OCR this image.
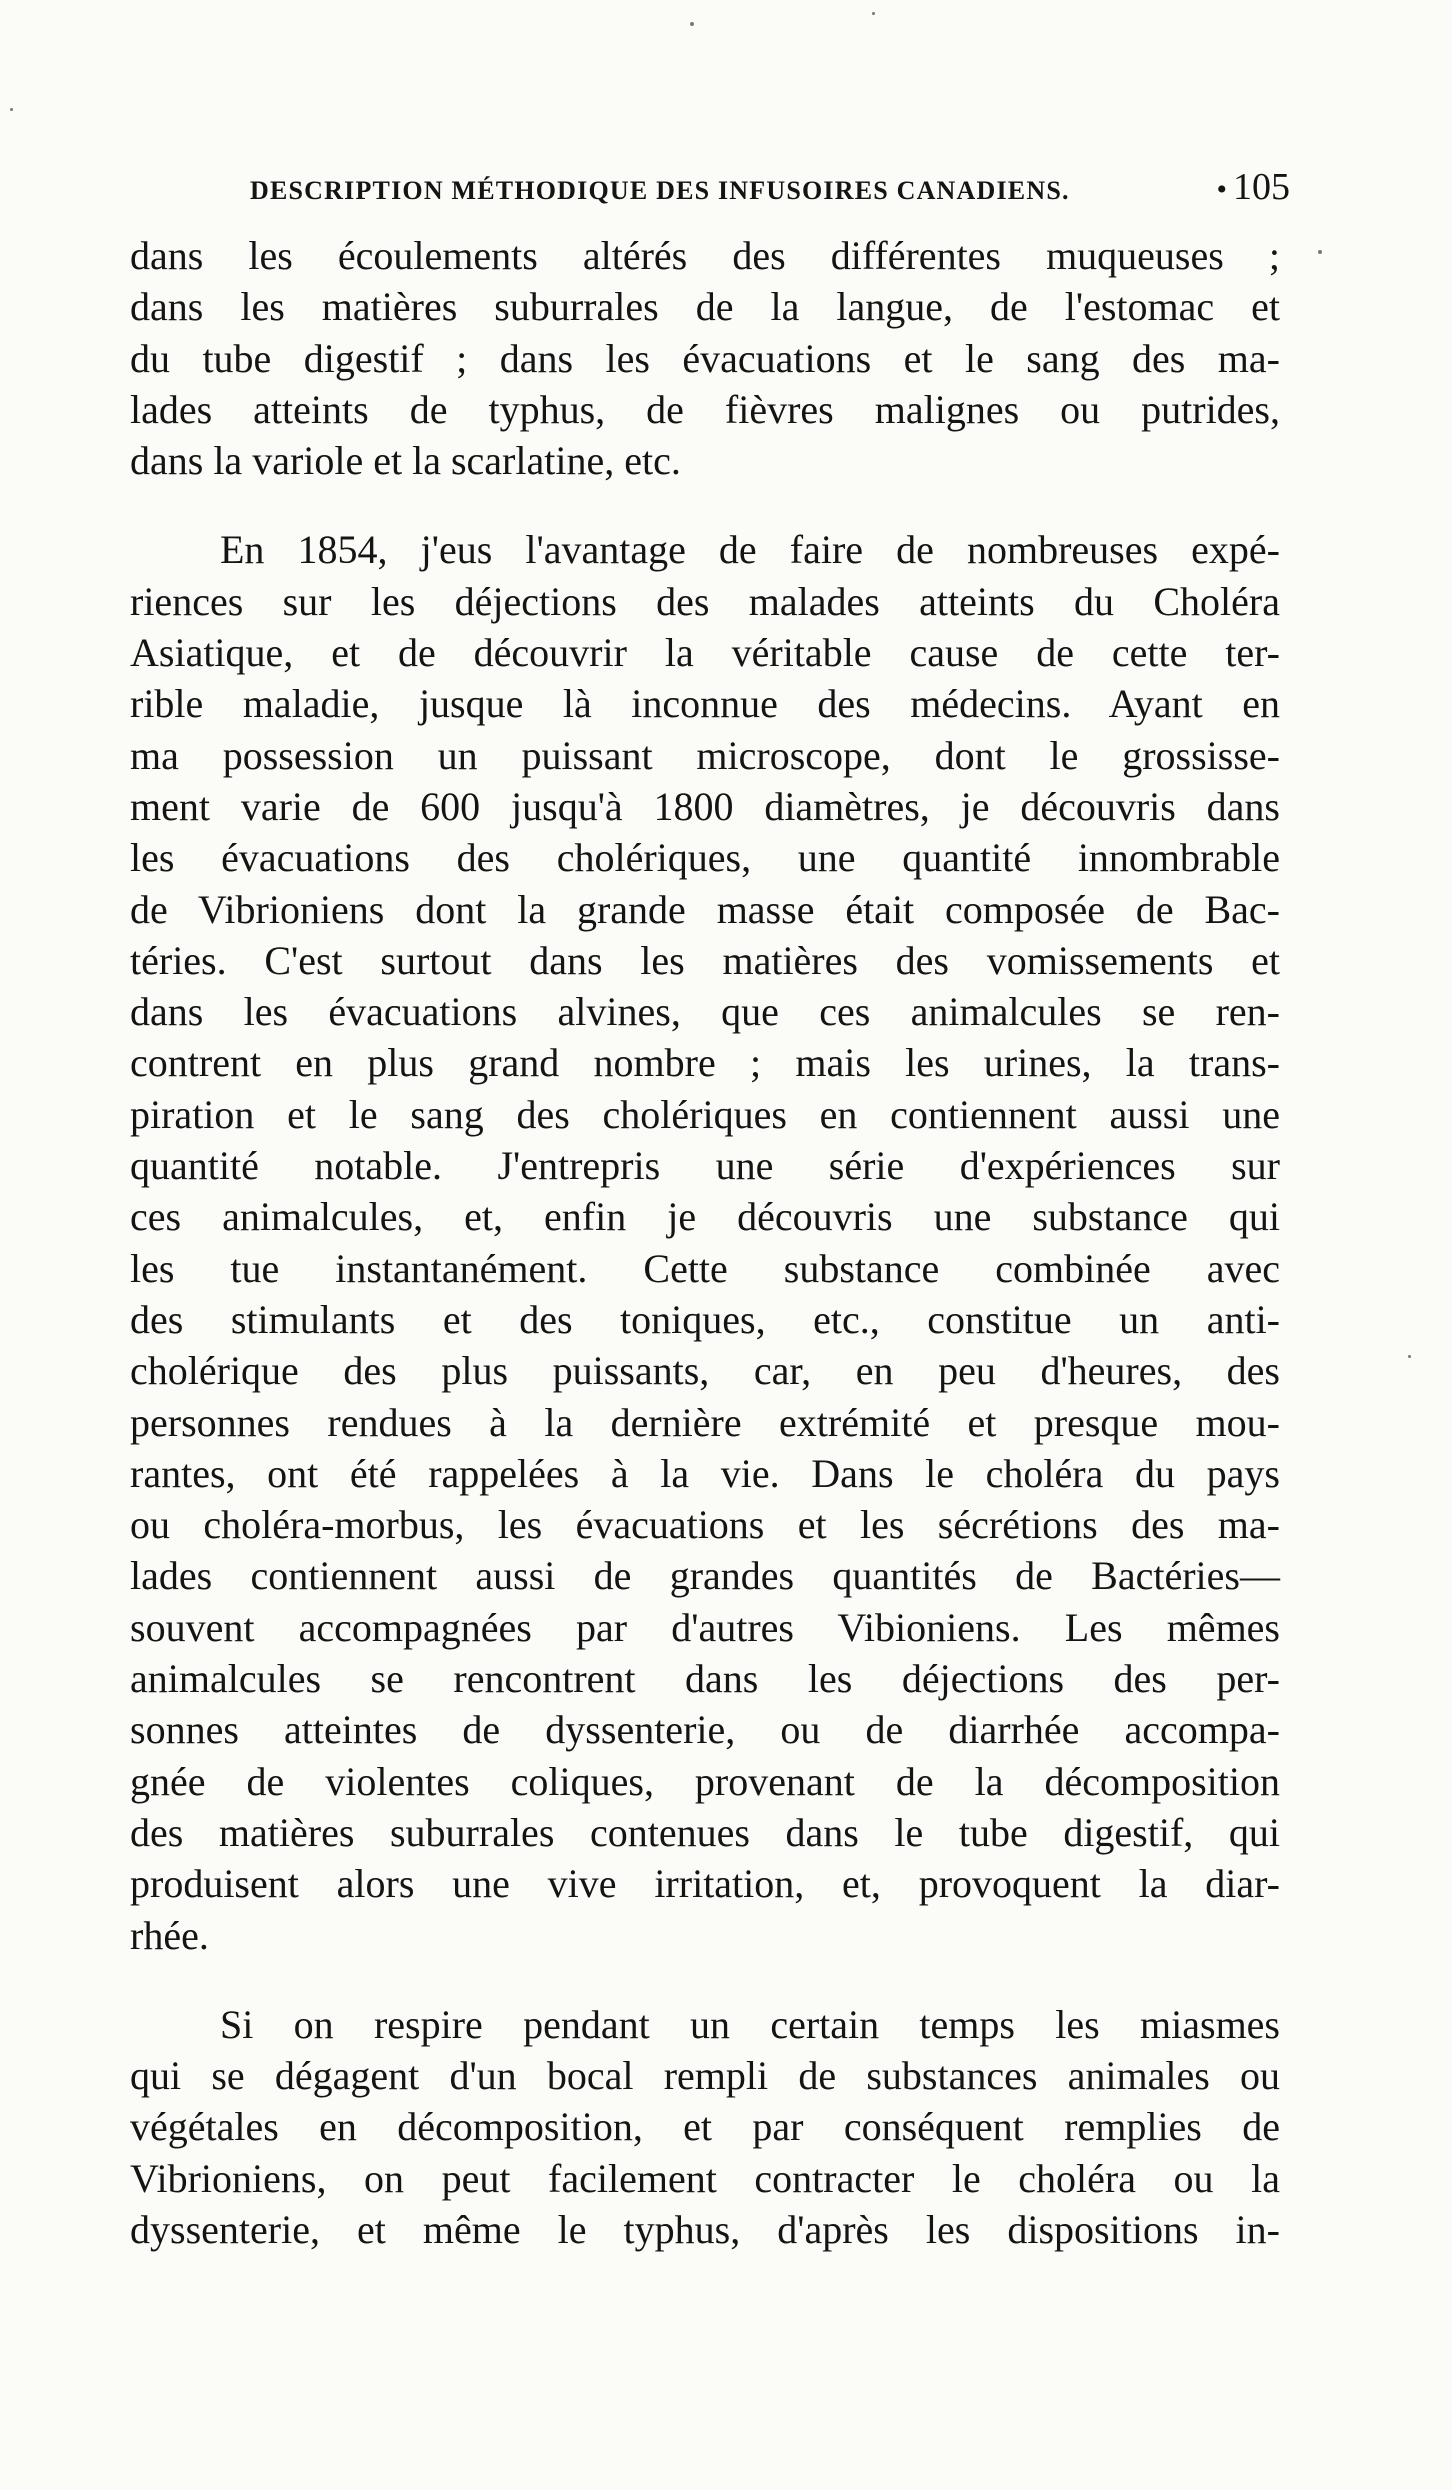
DESCRIPTION MÉTHODIQUE DES INFUSOIRES CANADIENS.	• 105
dans les écoulements altérés des différentes muqueuses ;
dans les matières suburrales de la langue, de l'estomac et
du tube digestif ; dans les évacuations et le sang des ma-
lades atteints de typhus, de fièvres malignes ou putrides,
dans la variole et la scarlatine, etc.
En 1854, j'eus l'avantage de faire de nombreuses expé-
riences sur les déjections des malades atteints du Choléra
Asiatique, et de découvrir la véritable cause de cette ter-
rible maladie, jusque là inconnue des médecins. Ayant en
ma possession un puissant microscope, dont le grossisse-
ment varie de 600 jusqu'à 1800 diamètres, je découvris dans
les évacuations des cholériques, une quantité innombrable
de Vibrioniens dont la grande masse était composée de Bac-
téries. C'est surtout dans les matières des vomissements et
dans les évacuations alvines, que ces animalcules se ren-
contrent en plus grand nombre ; mais les urines, la trans-
piration et le sang des cholériques en contiennent aussi une
quantité notable. J'entrepris une série d'expériences sur
ces animalcules, et, enfin je découvris une substance qui
les tue instantanément. Cette substance combinée avec
des stimulants et des toniques, etc., constitue un anti-
cholérique des plus puissants, car, en peu d'heures, des
personnes rendues à la dernière extrémité et presque mou-
rantes, ont été rappelées à la vie. Dans le choléra du pays
ou choléra-morbus, les évacuations et les sécrétions des ma-
lades contiennent aussi de grandes quantités de Bactéries—
souvent accompagnées par d'autres Vibioniens. Les mêmes
animalcules se rencontrent dans les déjections des per-
sonnes atteintes de dyssenterie, ou de diarrhée accompa-
gnée de violentes coliques, provenant de la décomposition
des matières suburrales contenues dans le tube digestif, qui
produisent alors une vive irritation, et, provoquent la diar-
rhée.
Si on respire pendant un certain temps les miasmes
qui se dégagent d'un bocal rempli de substances animales ou
végétales en décomposition, et par conséquent remplies de
Vibrioniens, on peut facilement contracter le choléra ou la
dyssenterie, et même le typhus, d'après les dispositions in-
